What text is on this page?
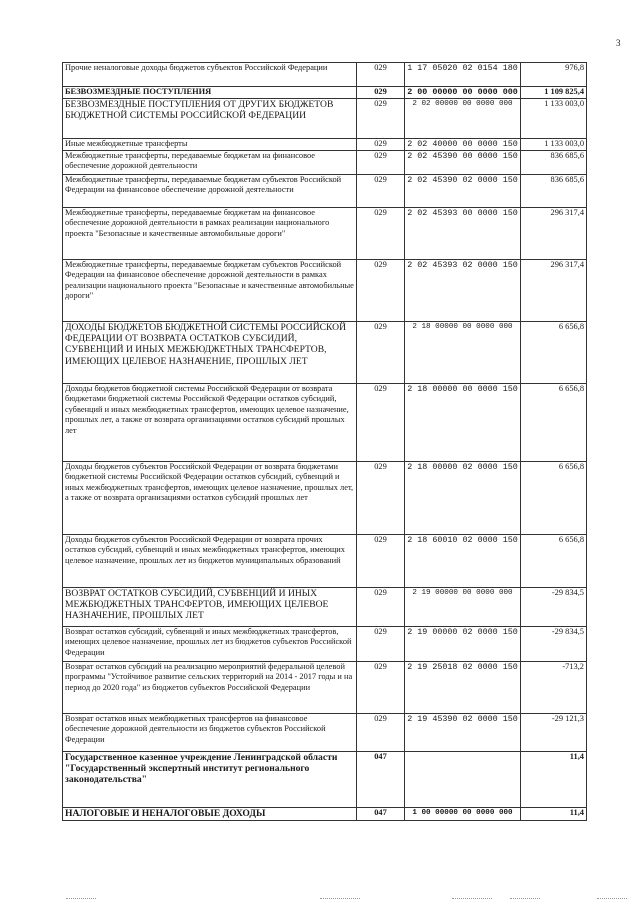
3
Прочие неналоговые доходы бюджетов субъектов Российской Федерации	029	1 17 05020 02 0154 180	976,8
БЕЗВОЗМЕЗДНЫЕ ПОСТУПЛЕНИЯ	029	2 00 00000 00 0000 000	1 109 825,4
БЕЗВОЗМЕЗДНЫЕ ПОСТУПЛЕНИЯ ОТ ДРУГИХ БЮДЖЕТОВ БЮДЖЕТНОЙ СИСТЕМЫ РОССИЙСКОЙ ФЕДЕРАЦИИ	029	2 02 00000 00 0000 000	1 133 003,0
Иные межбюджетные трансферты	029	2 02 40000 00 0000 150	1 133 003,0
Межбюджетные трансферты, передаваемые бюджетам на финансовое обеспечение дорожной деятельности	029	2 02 45390 00 0000 150	836 685,6
Межбюджетные трансферты, передаваемые бюджетам субъектов Российской Федерации на финансовое обеспечение дорожной деятельности	029	2 02 45390 02 0000 150	836 685,6
Межбюджетные трансферты, передаваемые бюджетам на финансовое обеспечение дорожной деятельности в рамках реализации национального проекта "Безопасные и качественные автомобильные дороги"	029	2 02 45393 00 0000 150	296 317,4
Межбюджетные трансферты, передаваемые бюджетам субъектов Российской Федерации на финансовое обеспечение дорожной деятельности в рамках реализации национального проекта "Безопасные и качественные автомобильные дороги"	029	2 02 45393 02 0000 150	296 317,4
ДОХОДЫ БЮДЖЕТОВ БЮДЖЕТНОЙ СИСТЕМЫ РОССИЙСКОЙ ФЕДЕРАЦИИ ОТ ВОЗВРАТА ОСТАТКОВ СУБСИДИЙ, СУБВЕНЦИЙ И ИНЫХ МЕЖБЮДЖЕТНЫХ ТРАНСФЕРТОВ, ИМЕЮЩИХ ЦЕЛЕВОЕ НАЗНАЧЕНИЕ, ПРОШЛЫХ ЛЕТ	029	2 18 00000 00 0000 000	6 656,8
Доходы бюджетов бюджетной системы Российской Федерации от возврата бюджетами бюджетной системы Российской Федерации остатков субсидий, субвенций и иных межбюджетных трансфертов, имеющих целевое назначение, прошлых лет, а также от возврата организациями остатков субсидий прошлых лет	029	2 18 00000 00 0000 150	6 656,8
Доходы бюджетов субъектов Российской Федерации от возврата бюджетами бюджетной системы Российской Федерации остатков субсидий, субвенций и иных межбюджетных трансфертов, имеющих целевое назначение, прошлых лет, а также от возврата организациями остатков субсидий прошлых лет	029	2 18 00000 02 0000 150	6 656,8
Доходы бюджетов субъектов Российской Федерации от возврата прочих остатков субсидий, субвенций и иных межбюджетных трансфертов, имеющих целевое назначение, прошлых лет из бюджетов муниципальных образований	029	2 18 60010 02 0000 150	6 656,8
ВОЗВРАТ ОСТАТКОВ СУБСИДИЙ, СУБВЕНЦИЙ И ИНЫХ МЕЖБЮДЖЕТНЫХ ТРАНСФЕРТОВ, ИМЕЮЩИХ ЦЕЛЕВОЕ НАЗНАЧЕНИЕ, ПРОШЛЫХ ЛЕТ	029	2 19 00000 00 0000 000	-29 834,5
Возврат остатков субсидий, субвенций и иных межбюджетных трансфертов, имеющих целевое назначение, прошлых лет из бюджетов субъектов Российской Федерации	029	2 19 00000 02 0000 150	-29 834,5
Возврат остатков субсидий на реализацию мероприятий федеральной целевой программы "Устойчивое развитие сельских территорий на 2014 - 2017 годы и на период до 2020 года" из бюджетов субъектов Российской Федерации	029	2 19 25018 02 0000 150	-713,2
Возврат остатков иных межбюджетных трансфертов на финансовое обеспечение дорожной деятельности из бюджетов субъектов Российской Федерации	029	2 19 45390 02 0000 150	-29 121,3
Государственное казенное учреждение Ленинградской области "Государственный экспертный институт регионального законодательства"	047		11,4
НАЛОГОВЫЕ И НЕНАЛОГОВЫЕ ДОХОДЫ	047	1 00 00000 00 0000 000	11,4
